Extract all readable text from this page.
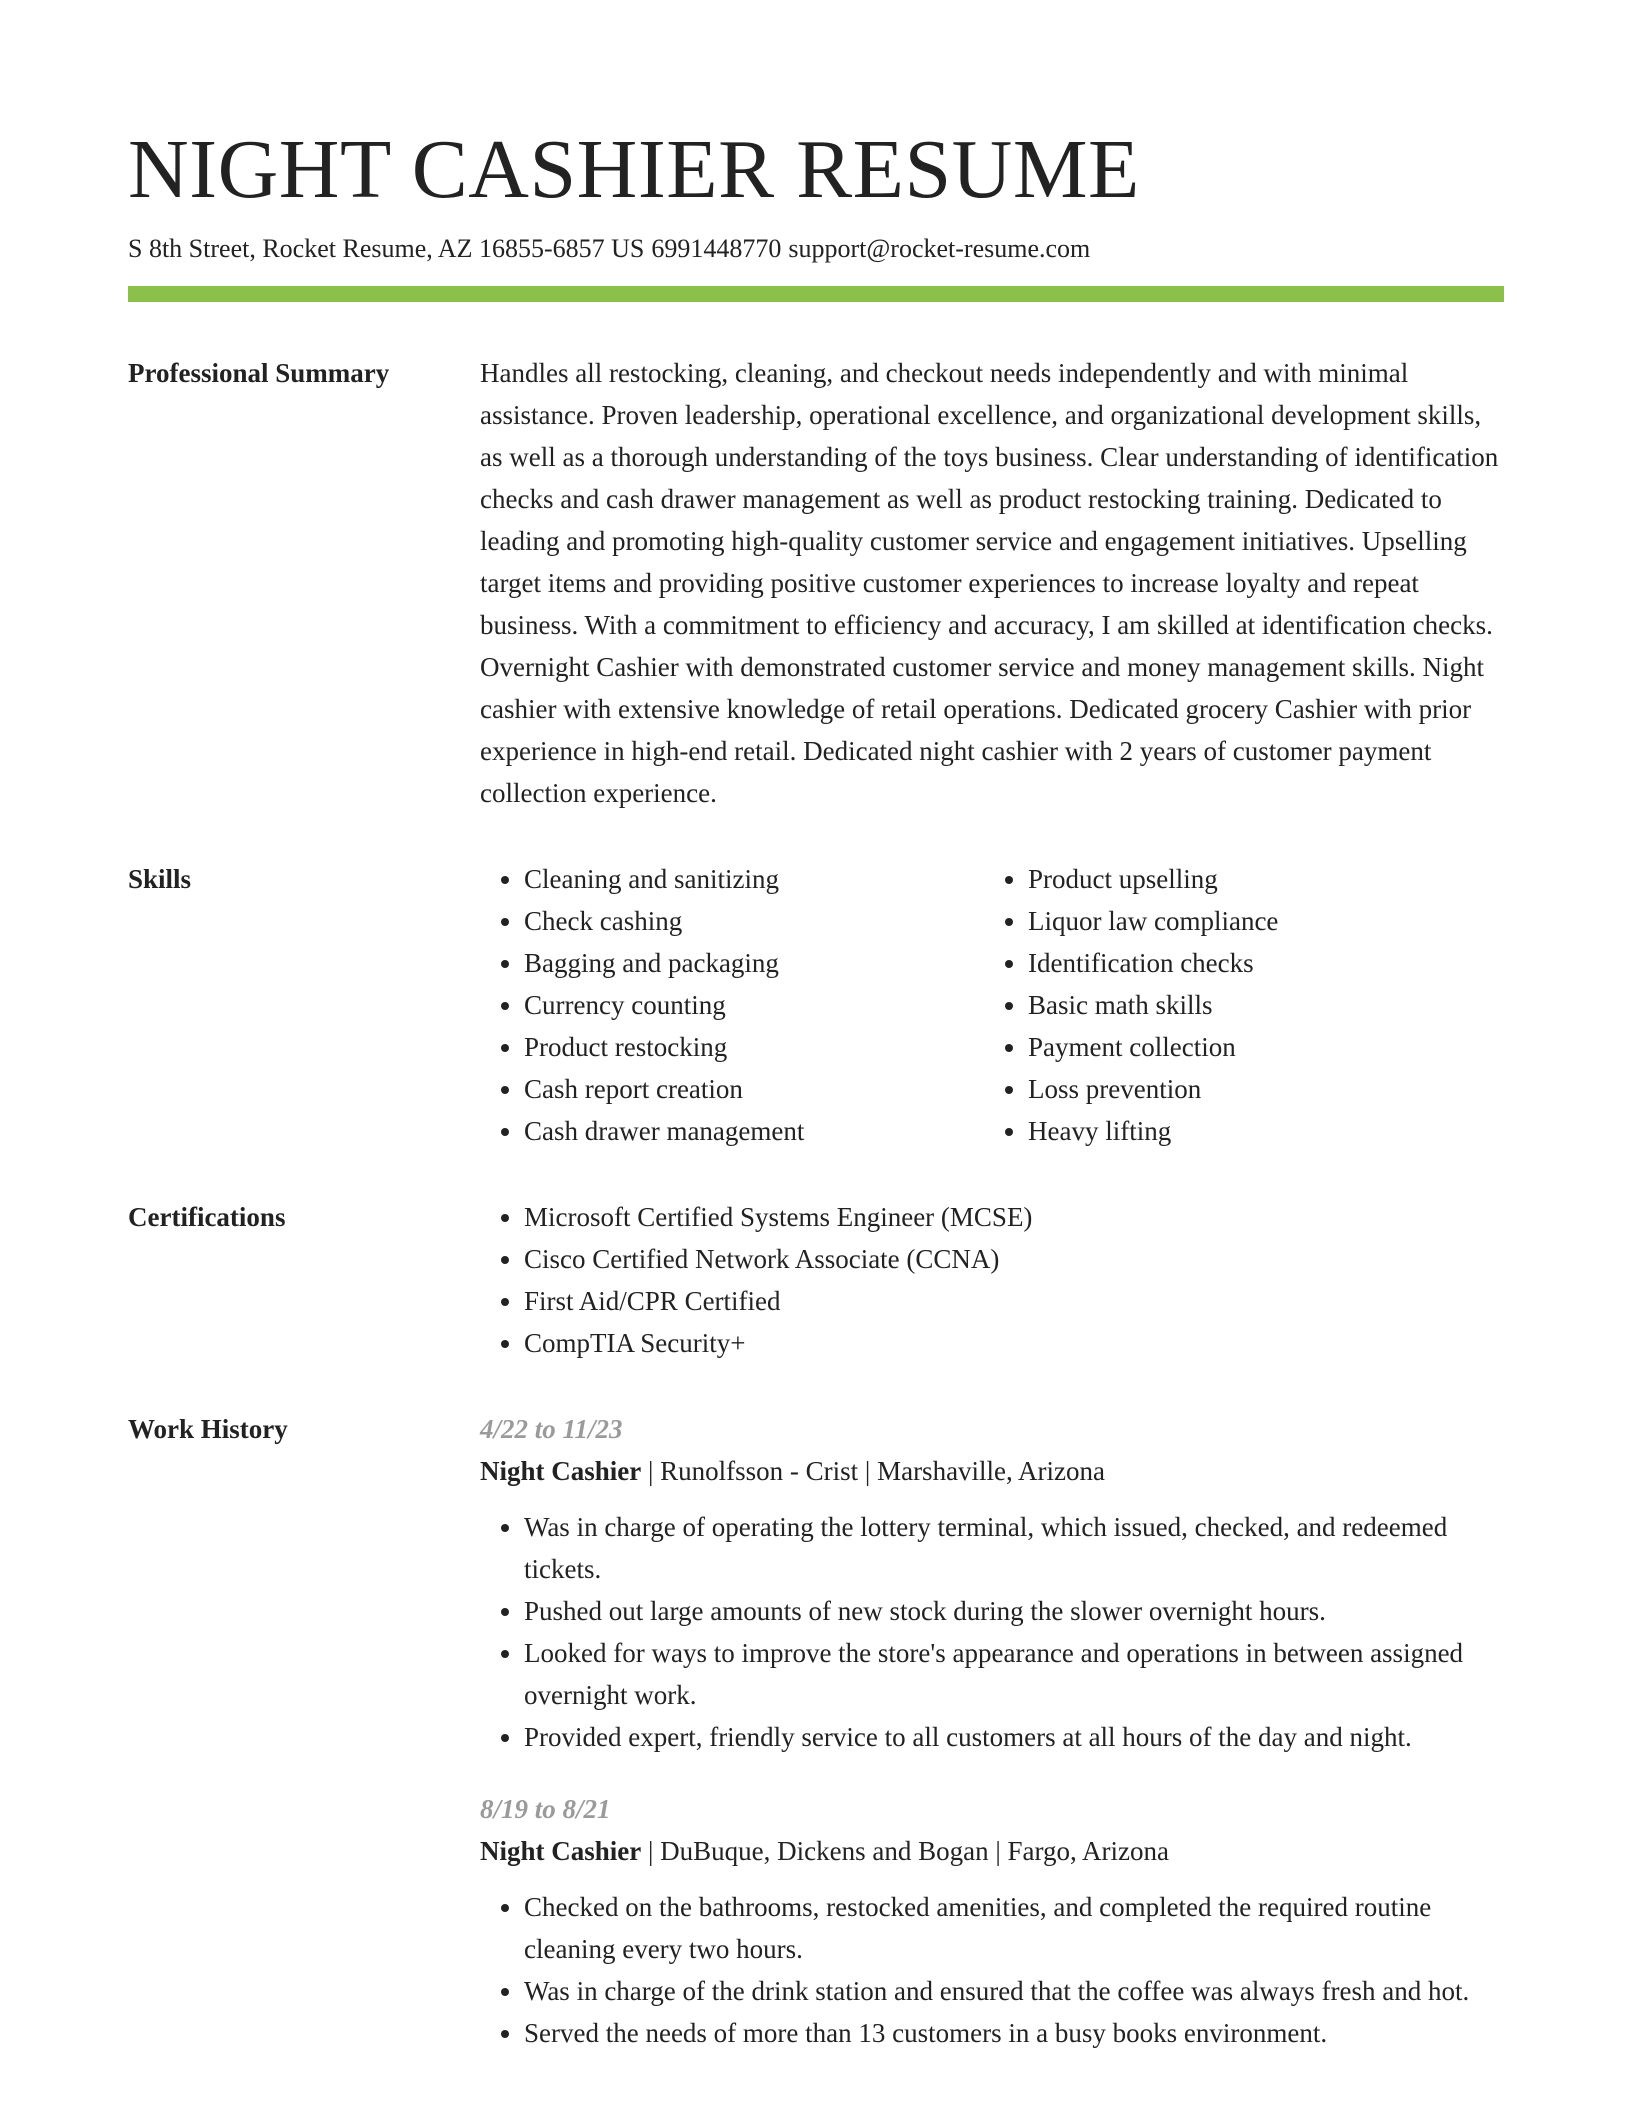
NIGHT CASHIER RESUME
S 8th Street, Rocket Resume, AZ 16855-6857 US 6991448770 support@rocket-resume.com
Professional Summary	Handles all restocking, cleaning, and checkout needs independently and with minimal assistance. Proven leadership, operational excellence, and organizational development skills, as well as a thorough understanding of the toys business. Clear understanding of identification checks and cash drawer management as well as product restocking training. Dedicated to leading and promoting high-quality customer service and engagement initiatives. Upselling target items and providing positive customer experiences to increase loyalty and repeat business. With a commitment to efficiency and accuracy, I am skilled at identification checks. Overnight Cashier with demonstrated customer service and money management skills. Night cashier with extensive knowledge of retail operations. Dedicated grocery Cashier with prior experience in high-end retail. Dedicated night cashier with 2 years of customer payment collection experience.

Skills	• Cleaning and sanitizing
• Check cashing
• Bagging and packaging
• Currency counting
• Product restocking
• Cash report creation
• Cash drawer management
• Product upselling
• Liquor law compliance
• Identification checks
• Basic math skills
• Payment collection
• Loss prevention
• Heavy lifting
Certifications	• Microsoft Certified Systems Engineer (MCSE)
• Cisco Certified Network Associate (CCNA)
• First Aid/CPR Certified
• CompTIA Security+
Work History	4/22 to 11/23
Night Cashier | Runolfsson - Crist | Marshaville, Arizona
• Was in charge of operating the lottery terminal, which issued, checked, and redeemed tickets.
• Pushed out large amounts of new stock during the slower overnight hours.
• Looked for ways to improve the store's appearance and operations in between assigned overnight work.
• Provided expert, friendly service to all customers at all hours of the day and night.
8/19 to 8/21
Night Cashier | DuBuque, Dickens and Bogan | Fargo, Arizona
• Checked on the bathrooms, restocked amenities, and completed the required routine cleaning every two hours.
• Was in charge of the drink station and ensured that the coffee was always fresh and hot.
• Served the needs of more than 13 customers in a busy books environment.
